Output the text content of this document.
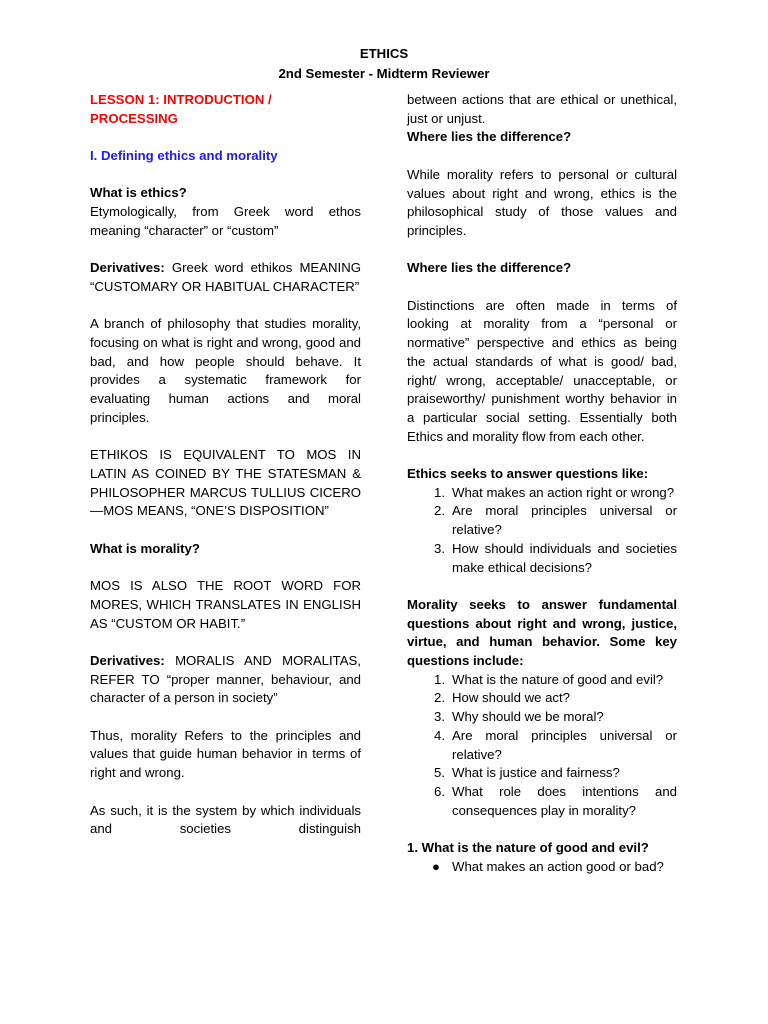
ETHICS
2nd Semester - Midterm Reviewer

LESSON 1: INTRODUCTION /
PROCESSING

I. Defining ethics and morality

What is ethics?

Etymologically, from Greek word ethos meaning “character” or “custom”

Derivatives: Greek word ethikos MEANING “CUSTOMARY OR HABITUAL CHARACTER”

A branch of philosophy that studies morality, focusing on what is right and wrong, good and bad, and how people should behave. It provides a systematic framework for evaluating human actions and moral principles.

ETHIKOS IS EQUIVALENT TO MOS IN LATIN AS COINED BY THE STATESMAN & PHILOSOPHER MARCUS TULLIUS CICERO—MOS MEANS, “ONE’S DISPOSITION”

What is morality?

MOS IS ALSO THE ROOT WORD FOR MORES, WHICH TRANSLATES IN ENGLISH AS “CUSTOM OR HABIT.”

Derivatives: MORALIS AND MORALITAS, REFER TO “proper manner, behaviour, and character of a person in society”

Thus, morality Refers to the principles and values that guide human behavior in terms of right and wrong.

As such, it is the system by which individuals and societies distinguish

between actions that are ethical or unethical, just or unjust.

Where lies the difference?

While morality refers to personal or cultural values about right and wrong, ethics is the philosophical study of those values and principles.

Where lies the difference?

Distinctions are often made in terms of looking at morality from a “personal or normative” perspective and ethics as being the actual standards of what is good/ bad, right/ wrong, acceptable/ unacceptable, or praiseworthy/ punishment worthy behavior in a particular social setting. Essentially both Ethics and morality flow from each other.

Ethics seeks to answer questions like:

1. What makes an action right or wrong?
2. Are moral principles universal or relative?
3. How should individuals and societies make ethical decisions?

Morality seeks to answer fundamental questions about right and wrong, justice, virtue, and human behavior. Some key questions include:

1. What is the nature of good and evil?
2. How should we act?
3. Why should we be moral?
4. Are moral principles universal or relative?
5. What is justice and fairness?
6. What role does intentions and consequences play in morality?

1. What is the nature of good and evil?

● What makes an action good or bad?
